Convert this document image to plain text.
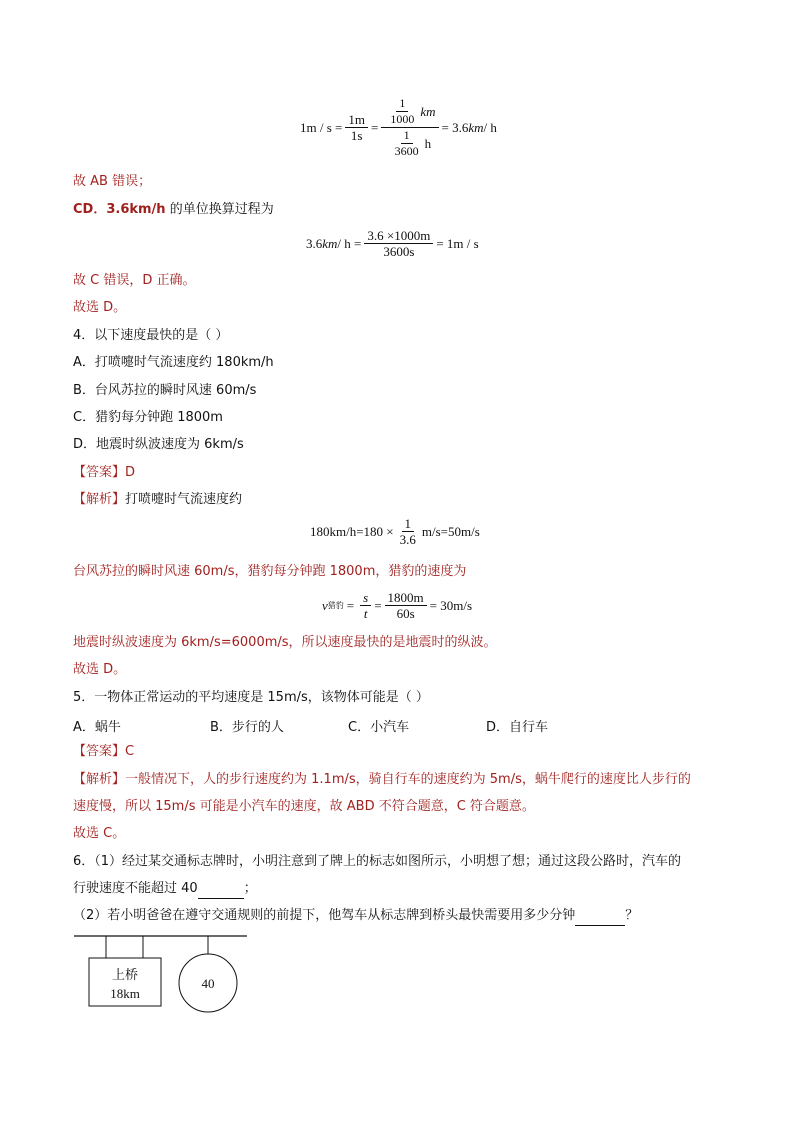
$1m / s = \frac{1m}{1s} = \frac{\frac{1}{1000} km}{\frac{1}{3600} h} = 3.6$ km / h
故 AB 错误；
CD．3.6km/h 的单位换算过程为
3.6 km / $h = \frac{3.6 \times 1000m}{3600s} = 1m / s$
故 C 错误，D 正确。
故选 D。
4．以下速度最快的是（ ）
A．打喷嚏时气流速度约 180km/h
B．台风苏拉的瞬时风速 60m/s
C．猎豹每分钟跑 1800m
D．地震时纵波速度为 6km/s
【答案】D
【解析】打喷嚏时气流速度约
$180km/h=180 \times \frac{1}{3.6} m/s=50m/s$
台风苏拉的瞬时风速 60m/s，猎豹每分钟跑 1800m，猎豹的速度为
v 猎豹 = $\frac{s}{t} = \frac{1800m}{60s} = 30m/s$
地震时纵波速度为 6km/s=6000m/s，所以速度最快的是地震时的纵波。
故选 D。
5．一物体正常运动的平均速度是 15m/s，该物体可能是（ ）
A．蜗牛	B．步行的人	C．小汽车	D．自行车
【答案】C
【解析】一般情况下，人的步行速度约为 1.1m/s，骑自行车的速度约为 5m/s，蜗牛爬行的速度比人步行的
速度慢，所以 15m/s 可能是小汽车的速度，故 ABD 不符合题意，C 符合题意。
故选 C。
6．（1）经过某交通标志牌时，小明注意到了牌上的标志如图所示，小明想了想；通过这段公路时，汽车的
行驶速度不能超过 40	；
（2）若小明爸爸在遵守交通规则的前提下，他驾车从标志牌到桥头最快需要用多少分钟	？
上桥
18km
40
